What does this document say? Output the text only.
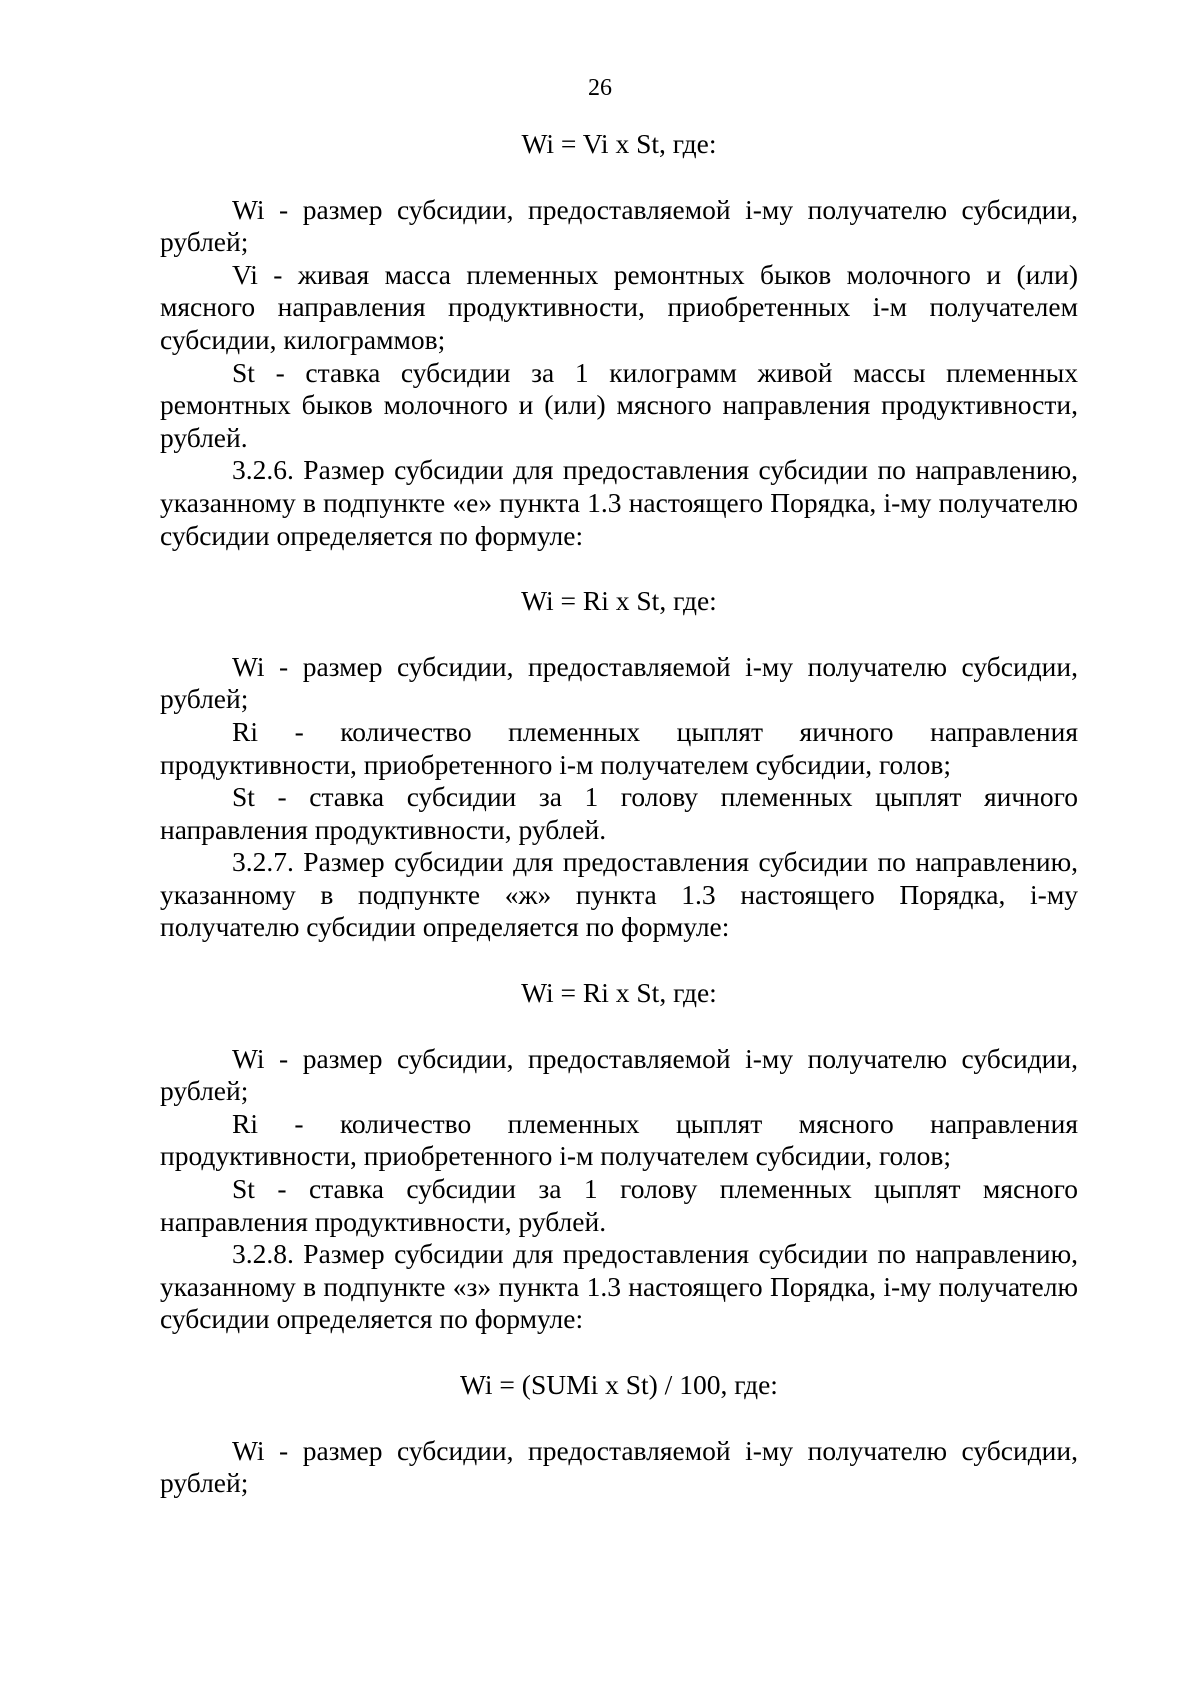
26

Wi = Vi x St, где:

Wi - размер субсидии, предоставляемой i-му получателю субсидии, рублей;

Vi - живая масса племенных ремонтных быков молочного и (или) мясного направления продуктивности, приобретенных i-м получателем субсидии, килограммов;

St - ставка субсидии за 1 килограмм живой массы племенных ремонтных быков молочного и (или) мясного направления продуктивности, рублей.

3.2.6. Размер субсидии для предоставления субсидии по направлению, указанному в подпункте «е» пункта 1.3 настоящего Порядка, i-му получателю субсидии определяется по формуле:

Wi = Ri x St, где:

Wi - размер субсидии, предоставляемой i-му получателю субсидии, рублей;

Ri - количество племенных цыплят яичного направления продуктивности, приобретенного i-м получателем субсидии, голов;

St - ставка субсидии за 1 голову племенных цыплят яичного направления продуктивности, рублей.

3.2.7. Размер субсидии для предоставления субсидии по направлению, указанному в подпункте «ж» пункта 1.3 настоящего Порядка, i-му получателю субсидии определяется по формуле:

Wi = Ri x St, где:

Wi - размер субсидии, предоставляемой i-му получателю субсидии, рублей;

Ri - количество племенных цыплят мясного направления продуктивности, приобретенного i-м получателем субсидии, голов;

St - ставка субсидии за 1 голову племенных цыплят мясного направления продуктивности, рублей.

3.2.8. Размер субсидии для предоставления субсидии по направлению, указанному в подпункте «з» пункта 1.3 настоящего Порядка, i-му получателю субсидии определяется по формуле:

Wi = (SUMi x St) / 100, где:

Wi - размер субсидии, предоставляемой i-му получателю субсидии, рублей;
